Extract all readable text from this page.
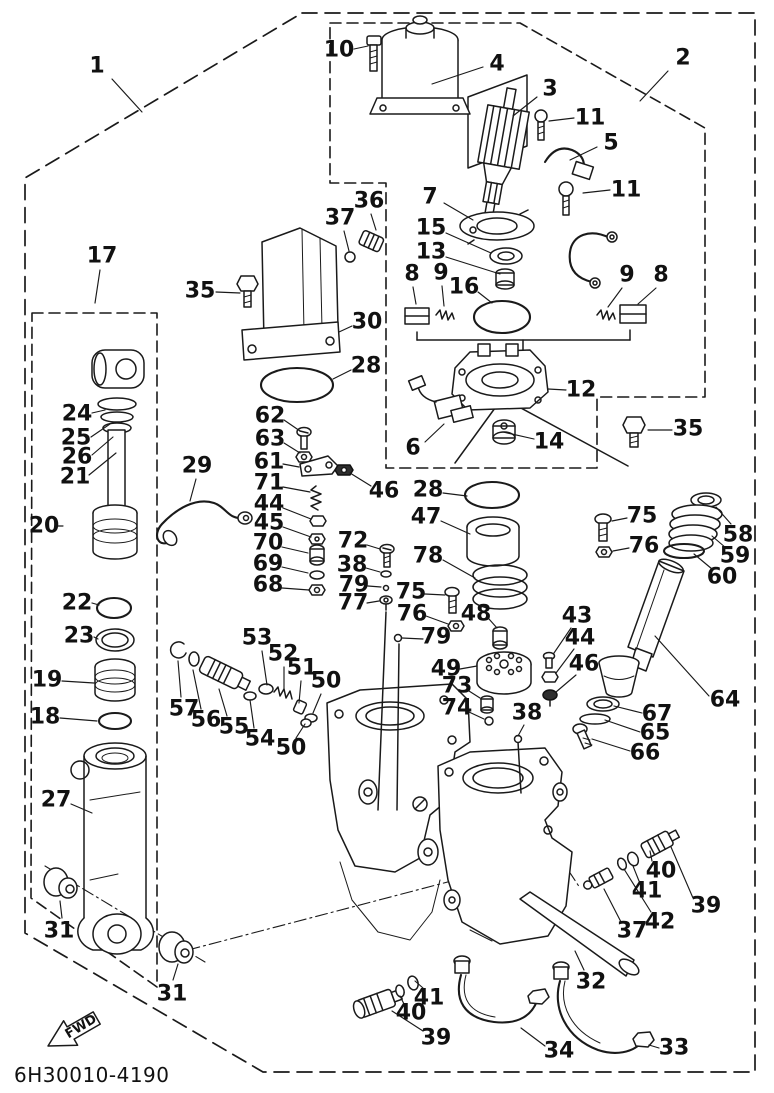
FWD
6H30010-4190
1	2
10
4
3
11
5
11
7
15
13
16
8 9	9 8
12
6	14
35
35
36
37
30
28
17
24
25
26
21
20
29
22
23
19
18
27
31
31
53
52
51
50
57
56
55
54 50
62
63
61
71
44
45
70
69
68
46 28
47
78
72
38
79
77 75
76
79
48
49
73
74 38
43
44
46
75
76	58
59
60
64
67
65
66
40
41
42
39
37
32
34	33
41
40
39
